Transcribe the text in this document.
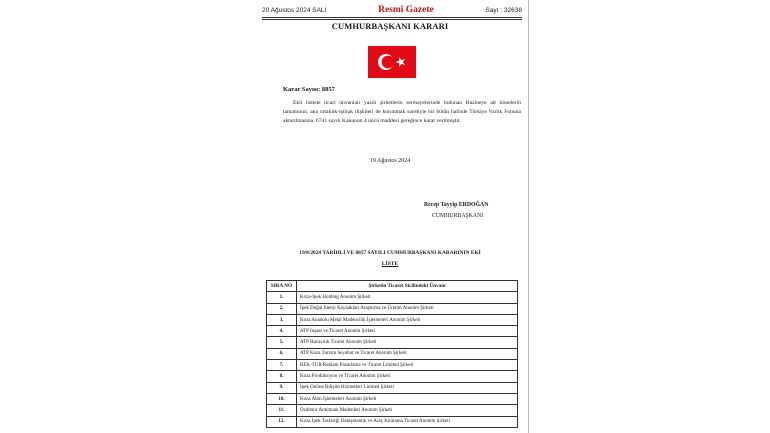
20 Ağustos 2024 SALI	Resmî Gazete	Sayı : 32638
CUMHURBAŞKANI KARARI
Karar Sayısı: 8857

Ekli listede ticari ünvanları yazılı şirketlerin sermayelerinde bulunan Hazineye ait hisselerin tamamının, ana ortaklık-iştirak ilişkileri de korunmak suretiyle bir bütün halinde Türkiye Varlık Fonuna aktarılmasına, 6741 sayılı Kanunun 4 üncü maddesi gereğince karar verilmiştir.

19 Ağustos 2024
Recep Tayyip ERDOĞAN
CUMHURBAŞKANI
19/8/2024 TARİHLİ VE 8857 SAYILI CUMHURBAŞKANI KARARININ EKİ
LİSTE
SIRA NO	Şirketin Ticaret Sicilindeki Ünvanı
1.	Koza-İpek Holding Anonim Şirketi
2.	İpek Doğal Enerji Kaynakları Araştırma ve Üretim Anonim Şirketi
3.	Koza Anadolu Metal Madencilik İşletmeleri Anonim Şirketi
4.	ATP İnşaat ve Ticaret Anonim Şirketi
5.	ATP Havacılık Ticaret Anonim Şirketi
6.	ATP Koza Turizm Seyahat ve Ticaret Anonim Şirketi
7.	REK-TUR Reklam Pazarlama ve Ticaret Limited Şirketi
8.	Koza Prodüksiyon ve Ticaret Anonim Şirketi
9.	İpek Online Bilişim Hizmetleri Limited Şirketi
10.	Koza Altın İşletmeleri Anonim Şirketi
11.	Özdemir Antimuan Madenleri Anonim Şirketi
12.	Koza İpek Tasfariği Danışmanlık ve Araç Kiralama Ticaret Anonim Şirketi
